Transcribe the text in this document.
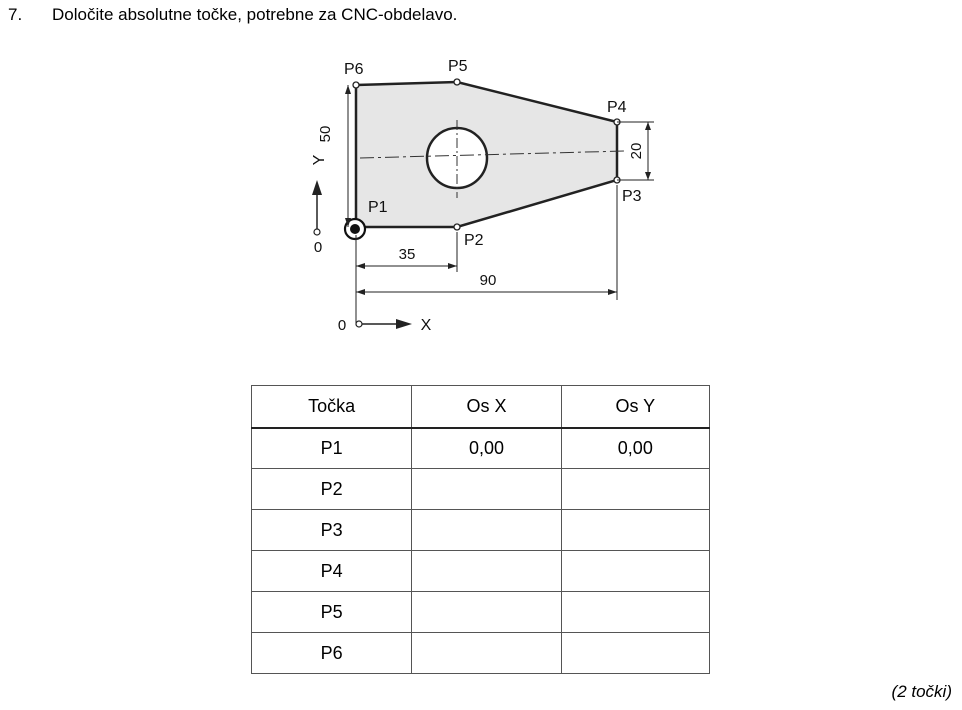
7. Določite absolutne točke, potrebne za CNC-obdelavo.
50
20
Y
0	35
90
0	X
P1
P2
P3
P4
P5
P6
Točka	Os X	Os Y
P1	0,00	0,00
P2		
P3		
P4		
P5		
P6		
(2 točki)
